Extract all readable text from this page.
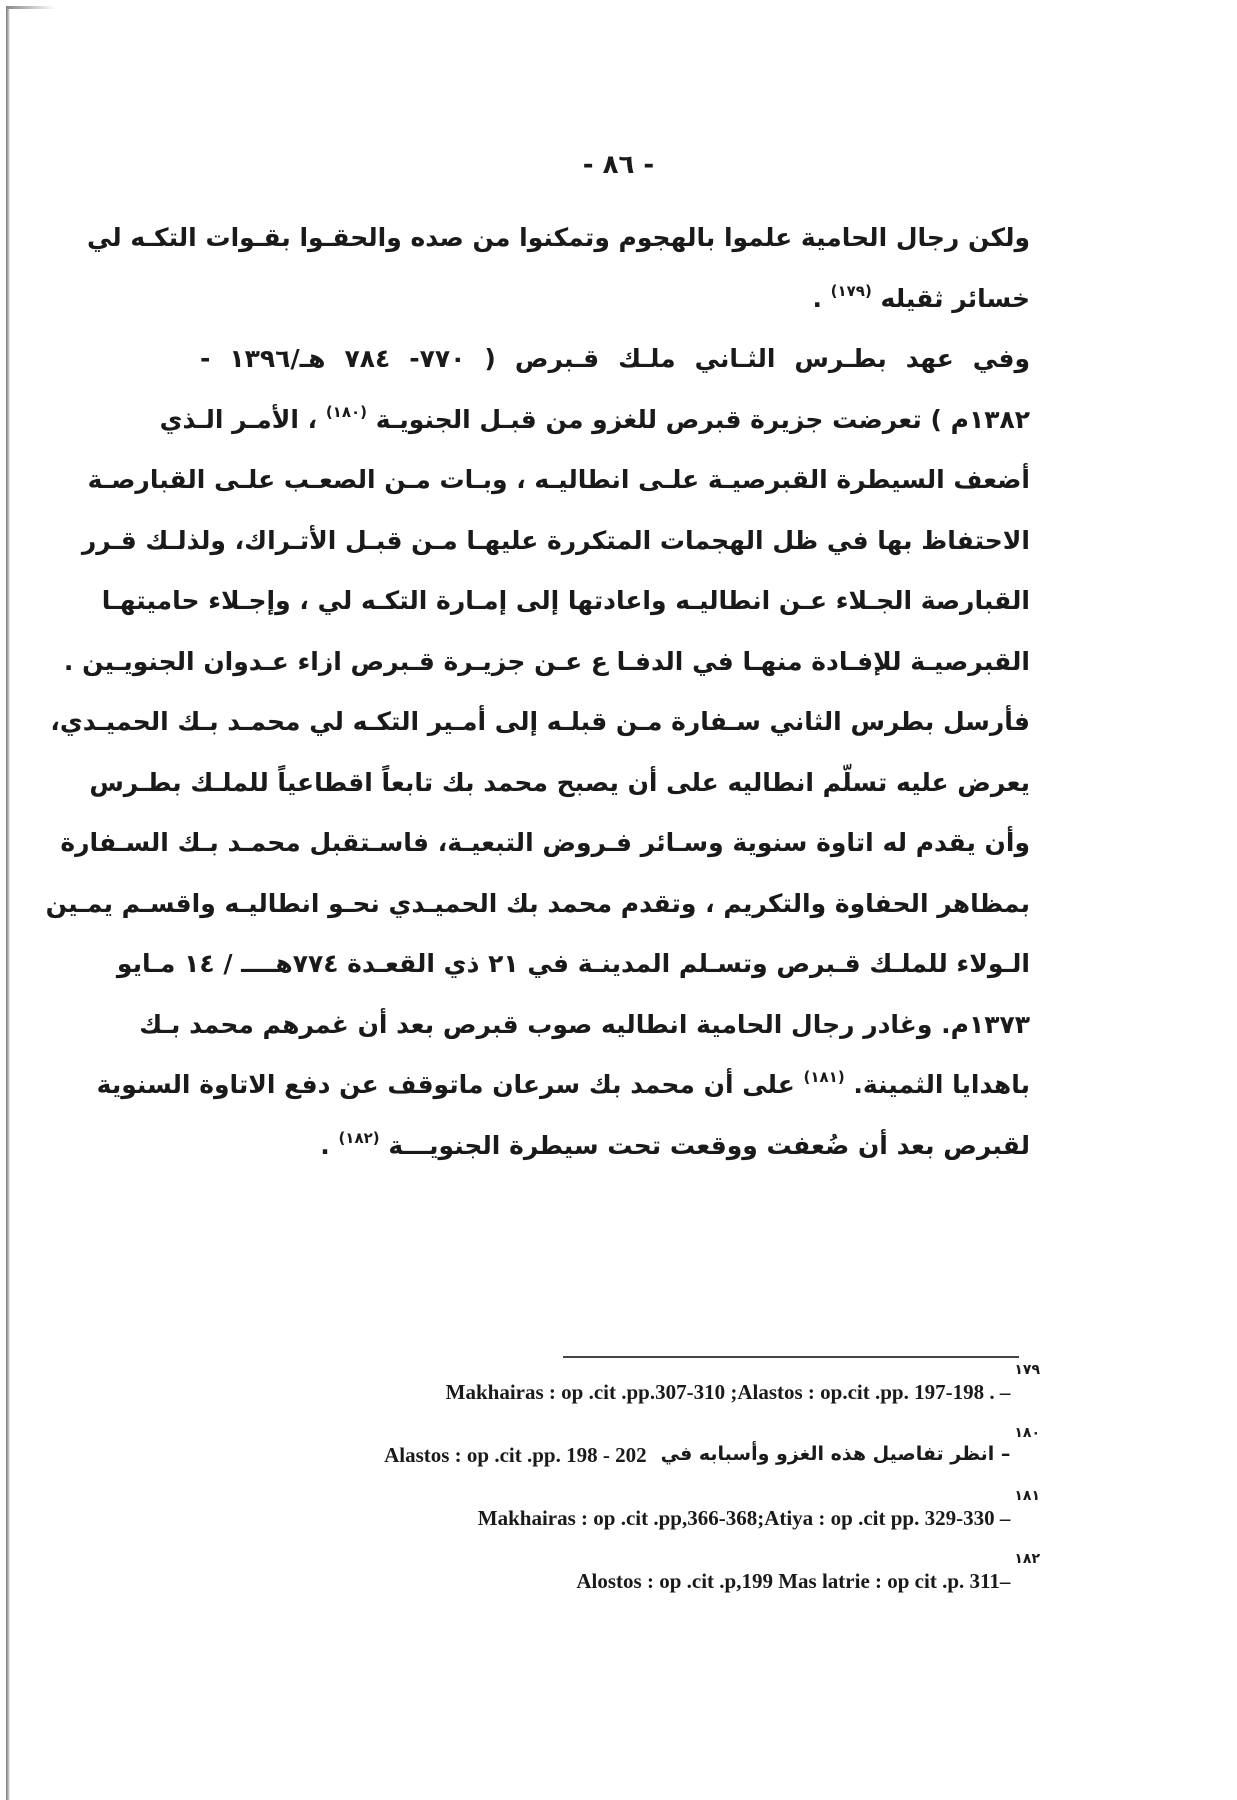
- ٨٦ -
ولكن رجال الحامية علموا بالهجوم وتمكنوا من صده والحقـوا بقـوات التكـه لي
خسائر ثقيله $^{(١٧٩)}$ .
وفي عهد بطـرس الثـاني ملـك قـبرص ( ٧٧٠- ٧٨٤ هـ/١٣٩٦ -
١٣٨٢م ) تعرضت جزيرة قبرص للغزو من قبـل الجنويـة $^{(١٨٠)}$ ، الأمـر الـذي
أضعف السيطرة القبرصيـة علـى انطاليـه ، وبـات مـن الصعـب علـى القبارصـة
الاحتفاظ بها في ظل الهجمات المتكررة عليهـا مـن قبـل الأتـراك، ولذلـك قـرر
القبارصة الجـلاء عـن انطاليـه واعادتها إلى إمـارة التكـه لي ، وإجـلاء حاميتهـا
القبرصيـة للإفـادة منهـا في الدفـا ع عـن جزيـرة قـبرص ازاء عـدوان الجنويـين .
فأرسل بطرس الثاني سـفارة مـن قبلـه إلى أمـير التكـه لي محمـد بـك الحميـدي،
يعرض عليه تسلّم انطاليه على أن يصبح محمد بك تابعاً اقطاعياً للملـك بطـرس
وأن يقدم له اتاوة سنوية وسـائر فـروض التبعيـة، فاسـتقبل محمـد بـك السـفارة
بمظاهر الحفاوة والتكريم ، وتقدم محمد بك الحميـدي نحـو انطاليـه واقسـم يمـين
الـولاء للملـك قـبرص وتسـلم المدينـة في ٢١ ذي القعـدة ٧٧٤هــــ / ١٤ مـايو
١٣٧٣م. وغادر رجال الحامية انطاليه صوب قبرص بعد أن غمرهم محمد بـك
باهدايا الثمينة. $^{(١٨١)}$ على أن محمد بك سرعان ماتوقف عن دفع الاتاوة السنوية
لقبرص بعد أن ضُعفت ووقعت تحت سيطرة الجنويـــة $^{(١٨٢)}$ .
Makhairas : op .cit .pp.307-310 ;Alastos : op.cit .pp. 197-198 . –
١٧٩
Alastos : op .cit .pp. 198 - 202 – انظر تفاصيل هذه الغزو وأسبابه في
١٨٠
Makhairas : op .cit .pp,366-368;Atiya : op .cit pp. 329-330 –
١٨١
Alostos : op .cit .p,199 Mas latrie : op cit .p. 311–
١٨٢
